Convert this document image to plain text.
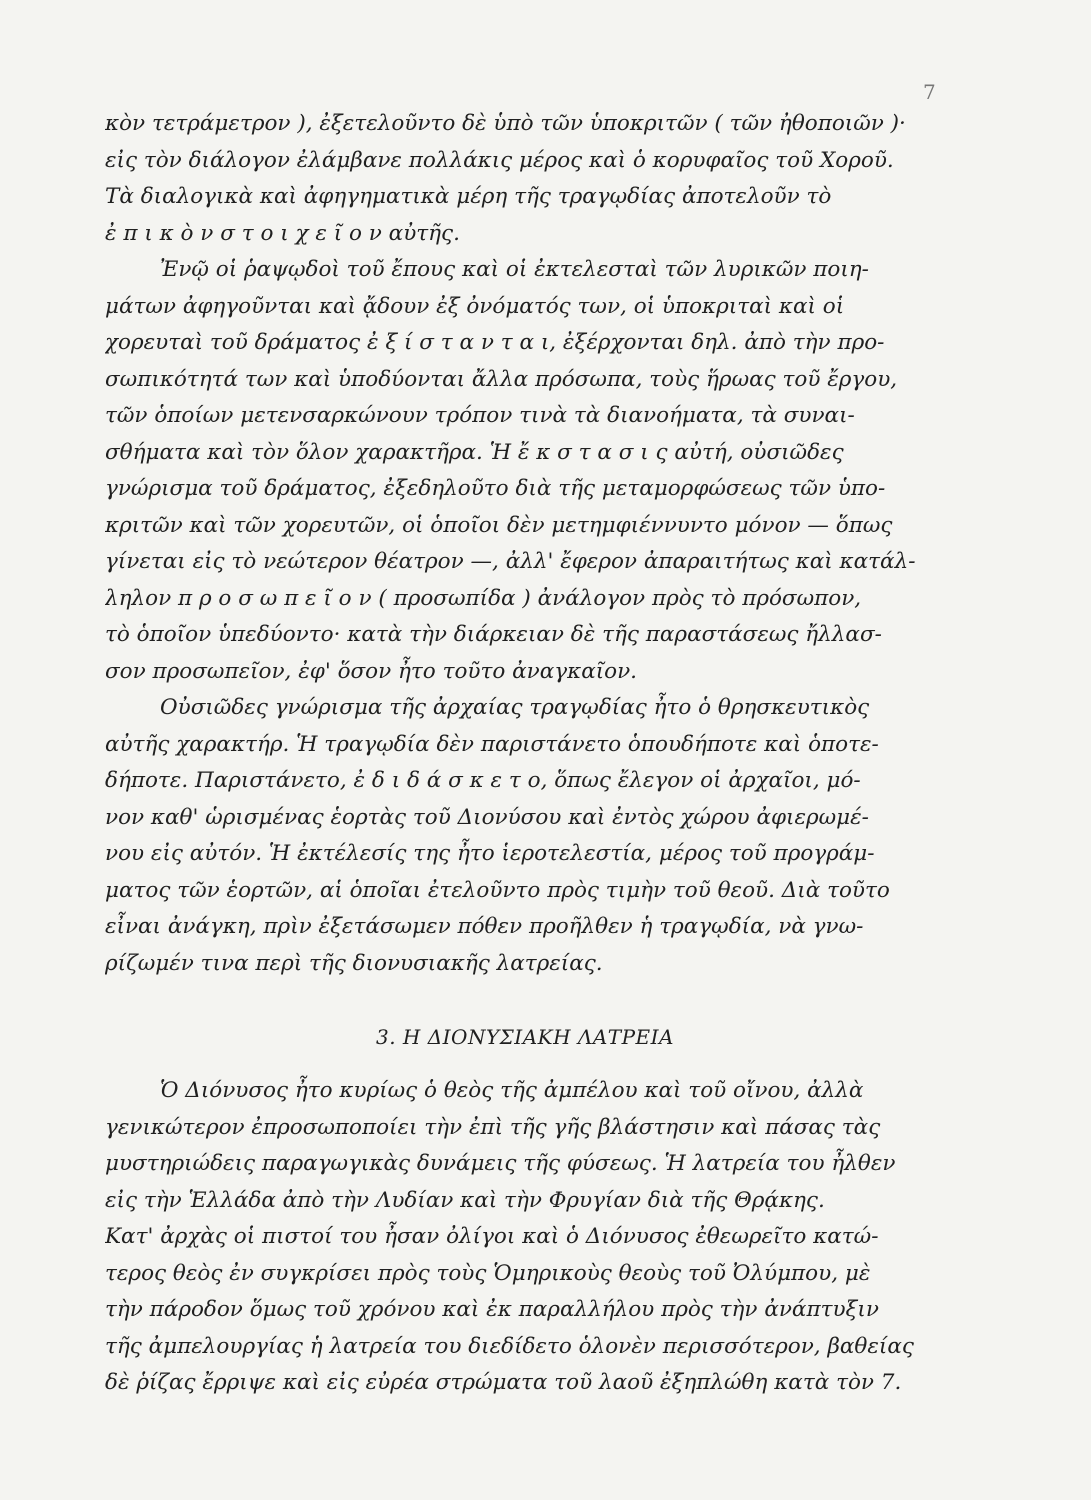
7
κὸν τετράμετρον ), ἐξετελοῦντο δὲ ὑπὸ τῶν ὑποκριτῶν ( τῶν ἠθοποιῶν )·
εἰς τὸν διάλογον ἐλάμβανε πολλάκις μέρος καὶ ὁ κορυφαῖος τοῦ Χοροῦ.
Τὰ διαλογικὰ καὶ ἀφηγηματικὰ μέρη τῆς τραγῳδίας ἀποτελοῦν τὸ
ἐ π ι κ ὸ ν σ τ ο ι χ ε ῖ ο ν αὐτῆς.
Ἐνῷ οἱ ῥαψῳδοὶ τοῦ ἔπους καὶ οἱ ἐκτελεσταὶ τῶν λυρικῶν ποιη-
μάτων ἀφηγοῦνται καὶ ᾄδουν ἐξ ὀνόματός των, οἱ ὑποκριταὶ καὶ οἱ
χορευταὶ τοῦ δράματος ἐ ξ ί σ τ α ν τ α ι, ἐξέρχονται δηλ. ἀπὸ τὴν προ-
σωπικότητά των καὶ ὑποδύονται ἄλλα πρόσωπα, τοὺς ἥρωας τοῦ ἔργου,
τῶν ὁποίων μετενσαρκώνουν τρόπον τινὰ τὰ διανοήματα, τὰ συναι-
σθήματα καὶ τὸν ὅλον χαρακτῆρα. Ἡ ἔ κ σ τ α σ ι ς αὐτή, οὐσιῶδες
γνώρισμα τοῦ δράματος, ἐξεδηλοῦτο διὰ τῆς μεταμορφώσεως τῶν ὑπο-
κριτῶν καὶ τῶν χορευτῶν, οἱ ὁποῖοι δὲν μετημφιέννυντο μόνον — ὅπως
γίνεται εἰς τὸ νεώτερον θέατρον —, ἀλλ' ἔφερον ἀπαραιτήτως καὶ κατάλ-
ληλον π ρ ο σ ω π ε ῖ ο ν ( προσωπίδα ) ἀνάλογον πρὸς τὸ πρόσωπον,
τὸ ὁποῖον ὑπεδύοντο· κατὰ τὴν διάρκειαν δὲ τῆς παραστάσεως ἤλλασ-
σον προσωπεῖον, ἐφ' ὅσον ἦτο τοῦτο ἀναγκαῖον.
Οὐσιῶδες γνώρισμα τῆς ἀρχαίας τραγῳδίας ἦτο ὁ θρησκευτικὸς
αὐτῆς χαρακτήρ. Ἡ τραγῳδία δὲν παριστάνετο ὁπουδήποτε καὶ ὁποτε-
δήποτε. Παριστάνετο, ἐ δ ι δ ά σ κ ε τ ο, ὅπως ἔλεγον οἱ ἀρχαῖοι, μό-
νον καθ' ὡρισμένας ἑορτὰς τοῦ Διονύσου καὶ ἐντὸς χώρου ἀφιερωμέ-
νου εἰς αὐτόν. Ἡ ἐκτέλεσίς της ἦτο ἱεροτελεστία, μέρος τοῦ προγράμ-
ματος τῶν ἑορτῶν, αἱ ὁποῖαι ἐτελοῦντο πρὸς τιμὴν τοῦ θεοῦ. Διὰ τοῦτο
εἶναι ἀνάγκη, πρὶν ἐξετάσωμεν πόθεν προῆλθεν ἡ τραγῳδία, νὰ γνω-
ρίζωμέν τινα περὶ τῆς διονυσιακῆς λατρείας.
3. Η ΔΙΟΝΥΣΙΑΚΗ ΛΑΤΡΕΙΑ
Ὁ Διόνυσος ἦτο κυρίως ὁ θεὸς τῆς ἀμπέλου καὶ τοῦ οἴνου, ἀλλὰ
γενικώτερον ἐπροσωποποίει τὴν ἐπὶ τῆς γῆς βλάστησιν καὶ πάσας τὰς
μυστηριώδεις παραγωγικὰς δυνάμεις τῆς φύσεως. Ἡ λατρεία του ἦλθεν
εἰς τὴν Ἑλλάδα ἀπὸ τὴν Λυδίαν καὶ τὴν Φρυγίαν διὰ τῆς Θρᾴκης.
Κατ' ἀρχὰς οἱ πιστοί του ἦσαν ὀλίγοι καὶ ὁ Διόνυσος ἐθεωρεῖτο κατώ-
τερος θεὸς ἐν συγκρίσει πρὸς τοὺς Ὁμηρικοὺς θεοὺς τοῦ Ὀλύμπου, μὲ
τὴν πάροδον ὅμως τοῦ χρόνου καὶ ἐκ παραλλήλου πρὸς τὴν ἀνάπτυξιν
τῆς ἀμπελουργίας ἡ λατρεία του διεδίδετο ὁλονὲν περισσότερον, βαθείας
δὲ ῥίζας ἔρριψε καὶ εἰς εὐρέα στρώματα τοῦ λαοῦ ἐξηπλώθη κατὰ τὸν 7.
